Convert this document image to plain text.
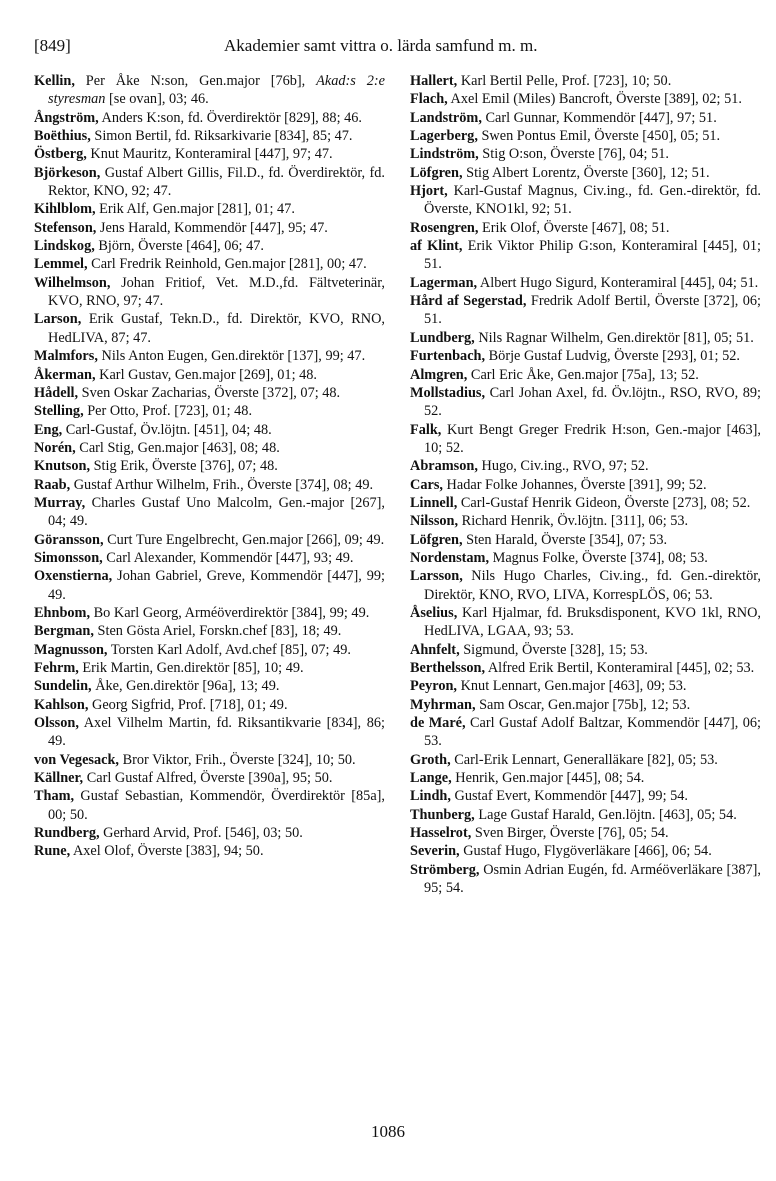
[849]	Akademier samt vittra o. lärda samfund m. m.

Kellin, Per Åke N:son, Gen.major [76b], Akad:s 2:e styresman [se ovan], 03; 46.

Ångström, Anders K:son, fd. Överdirektör [829], 88; 46.

Boëthius, Simon Bertil, fd. Riksarkivarie [834], 85; 47.

Östberg, Knut Mauritz, Konteramiral [447], 97; 47.

Björkeson, Gustaf Albert Gillis, Fil.D., fd. Överdirektör, fd. Rektor, KNO, 92; 47.

Kihlblom, Erik Alf, Gen.major [281], 01; 47.

Stefenson, Jens Harald, Kommendör [447], 95; 47.

Lindskog, Björn, Överste [464], 06; 47.

Lemmel, Carl Fredrik Reinhold, Gen.major [281], 00; 47.

Wilhelmson, Johan Fritiof, Vet. M.D.,fd. Fältveterinär, KVO, RNO, 97; 47.

Larson, Erik Gustaf, Tekn.D., fd. Direktör, KVO, RNO, HedLIVA, 87; 47.

Malmfors, Nils Anton Eugen, Gen.direktör [137], 99; 47.

Åkerman, Karl Gustav, Gen.major [269], 01; 48.

Hådell, Sven Oskar Zacharias, Överste [372], 07; 48.

Stelling, Per Otto, Prof. [723], 01; 48.

Eng, Carl-Gustaf, Öv.löjtn. [451], 04; 48.

Norén, Carl Stig, Gen.major [463], 08; 48.

Knutson, Stig Erik, Överste [376], 07; 48.

Raab, Gustaf Arthur Wilhelm, Frih., Överste [374], 08; 49.

Murray, Charles Gustaf Uno Malcolm, Gen.-major [267], 04; 49.

Göransson, Curt Ture Engelbrecht, Gen.major [266], 09; 49.

Simonsson, Carl Alexander, Kommendör [447], 93; 49.

Oxenstierna, Johan Gabriel, Greve, Kommendör [447], 99; 49.

Ehnbom, Bo Karl Georg, Arméöverdirektör [384], 99; 49.

Bergman, Sten Gösta Ariel, Forskn.chef [83], 18; 49.

Magnusson, Torsten Karl Adolf, Avd.chef [85], 07; 49.

Fehrm, Erik Martin, Gen.direktör [85], 10; 49.

Sundelin, Åke, Gen.direktör [96a], 13; 49.

Kahlson, Georg Sigfrid, Prof. [718], 01; 49.

Olsson, Axel Vilhelm Martin, fd. Riksantikvarie [834], 86; 49.

von Vegesack, Bror Viktor, Frih., Överste [324], 10; 50.

Källner, Carl Gustaf Alfred, Överste [390a], 95; 50.

Tham, Gustaf Sebastian, Kommendör, Överdirektör [85a], 00; 50.

Rundberg, Gerhard Arvid, Prof. [546], 03; 50.

Rune, Axel Olof, Överste [383], 94; 50.

Hallert, Karl Bertil Pelle, Prof. [723], 10; 50.

Flach, Axel Emil (Miles) Bancroft, Överste [389], 02; 51.

Landström, Carl Gunnar, Kommendör [447], 97; 51.

Lagerberg, Swen Pontus Emil, Överste [450], 05; 51.

Lindström, Stig O:son, Överste [76], 04; 51.

Löfgren, Stig Albert Lorentz, Överste [360], 12; 51.

Hjort, Karl-Gustaf Magnus, Civ.ing., fd. Gen.-direktör, fd. Överste, KNO1kl, 92; 51.

Rosengren, Erik Olof, Överste [467], 08; 51.

af Klint, Erik Viktor Philip G:son, Konteramiral [445], 01; 51.

Lagerman, Albert Hugo Sigurd, Konteramiral [445], 04; 51.

Hård af Segerstad, Fredrik Adolf Bertil, Överste [372], 06; 51.

Lundberg, Nils Ragnar Wilhelm, Gen.direktör [81], 05; 51.

Furtenbach, Börje Gustaf Ludvig, Överste [293], 01; 52.

Almgren, Carl Eric Åke, Gen.major [75a], 13; 52.

Mollstadius, Carl Johan Axel, fd. Öv.löjtn., RSO, RVO, 89; 52.

Falk, Kurt Bengt Greger Fredrik H:son, Gen.-major [463], 10; 52.

Abramson, Hugo, Civ.ing., RVO, 97; 52.

Cars, Hadar Folke Johannes, Överste [391], 99; 52.

Linnell, Carl-Gustaf Henrik Gideon, Överste [273], 08; 52.

Nilsson, Richard Henrik, Öv.löjtn. [311], 06; 53.

Löfgren, Sten Harald, Överste [354], 07; 53.

Nordenstam, Magnus Folke, Överste [374], 08; 53.

Larsson, Nils Hugo Charles, Civ.ing., fd. Gen.-direktör, Direktör, KNO, RVO, LIVA, KorrespLÖS, 06; 53.

Åselius, Karl Hjalmar, fd. Bruksdisponent, KVO 1kl, RNO, HedLIVA, LGAA, 93; 53.

Ahnfelt, Sigmund, Överste [328], 15; 53.

Berthelsson, Alfred Erik Bertil, Konteramiral [445], 02; 53.

Peyron, Knut Lennart, Gen.major [463], 09; 53.

Myhrman, Sam Oscar, Gen.major [75b], 12; 53.

de Maré, Carl Gustaf Adolf Baltzar, Kommendör [447], 06; 53.

Groth, Carl-Erik Lennart, Generalläkare [82], 05; 53.

Lange, Henrik, Gen.major [445], 08; 54.

Lindh, Gustaf Evert, Kommendör [447], 99; 54.

Thunberg, Lage Gustaf Harald, Gen.löjtn. [463], 05; 54.

Hasselrot, Sven Birger, Överste [76], 05; 54.

Severin, Gustaf Hugo, Flygöverläkare [466], 06; 54.

Strömberg, Osmin Adrian Eugén, fd. Arméöverläkare [387], 95; 54.

1086
